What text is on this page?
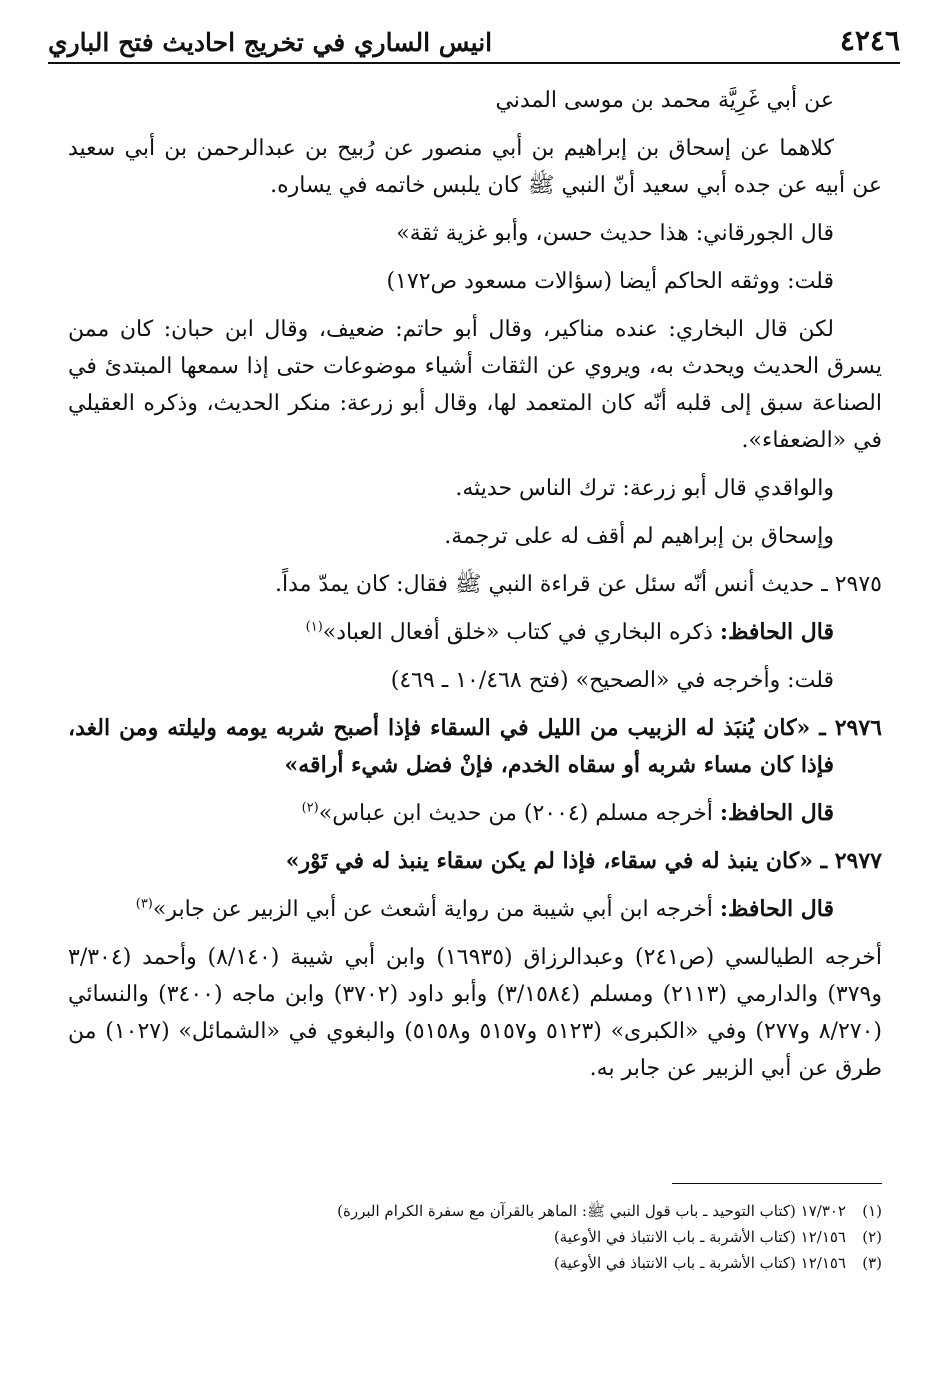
٤٢٤٦
انيس الساري في تخريج احاديث فتح الباري

عن أبي غَرِيَّة محمد بن موسى المدني

كلاهما عن إسحاق بن إبراهيم بن أبي منصور عن رُبيح بن عبدالرحمن بن أبي سعيد عن أبيه عن جده أبي سعيد أنّ النبي ﷺ كان يلبس خاتمه في يساره.

قال الجورقاني: هذا حديث حسن، وأبو غزية ثقة»

قلت: ووثقه الحاكم أيضا (سؤالات مسعود ص١٧٢)

لكن قال البخاري: عنده مناكير، وقال أبو حاتم: ضعيف، وقال ابن حبان: كان ممن يسرق الحديث ويحدث به، ويروي عن الثقات أشياء موضوعات حتى إذا سمعها المبتدئ في الصناعة سبق إلى قلبه أنّه كان المتعمد لها، وقال أبو زرعة: منكر الحديث، وذكره العقيلي في «الضعفاء».

والواقدي قال أبو زرعة: ترك الناس حديثه.

وإسحاق بن إبراهيم لم أقف له على ترجمة.

٢٩٧٥ ـ حديث أنس أنّه سئل عن قراءة النبي ﷺ فقال: كان يمدّ مداً.

قال الحافظ: ذكره البخاري في كتاب «خلق أفعال العباد»$^{(١)}$

قلت: وأخرجه في «الصحيح» (فتح ١٠/٤٦٨ ـ ٤٦٩)

٢٩٧٦ ـ «كان يُنبَذ له الزبيب من الليل في السقاء فإذا أصبح شربه يومه وليلته ومن الغد، فإذا كان مساء شربه أو سقاه الخدم، فإنْ فضل شيء أراقه»

قال الحافظ: أخرجه مسلم (٢٠٠٤) من حديث ابن عباس»$^{(٢)}$

٢٩٧٧ ـ «كان ينبذ له في سقاء، فإذا لم يكن سقاء ينبذ له في تَوْر»

قال الحافظ: أخرجه ابن أبي شيبة من رواية أشعث عن أبي الزبير عن جابر»$^{(٣)}$

أخرجه الطيالسي (ص٢٤١) وعبدالرزاق (١٦٩٣٥) وابن أبي شيبة (٨/١٤٠) وأحمد (٣/٣٠٤ و٣٧٩) والدارمي (٢١١٣) ومسلم (٣/١٥٨٤) وأبو داود (٣٧٠٢) وابن ماجه (٣٤٠٠) والنسائي (٨/٢٧٠ و٢٧٧) وفي «الكبرى» (٥١٢٣ و٥١٥٧ و٥١٥٨) والبغوي في «الشمائل» (١٠٢٧) من طرق عن أبي الزبير عن جابر به.

(١)١٧/٣٠٢ (كتاب التوحيد ـ باب قول النبي ﷺ: الماهر بالقرآن مع سفرة الكرام البررة)
(٢)١٢/١٥٦ (كتاب الأشربة ـ باب الانتباذ في الأوعية)
(٣)١٢/١٥٦ (كتاب الأشربة ـ باب الانتباذ في الأوعية)
